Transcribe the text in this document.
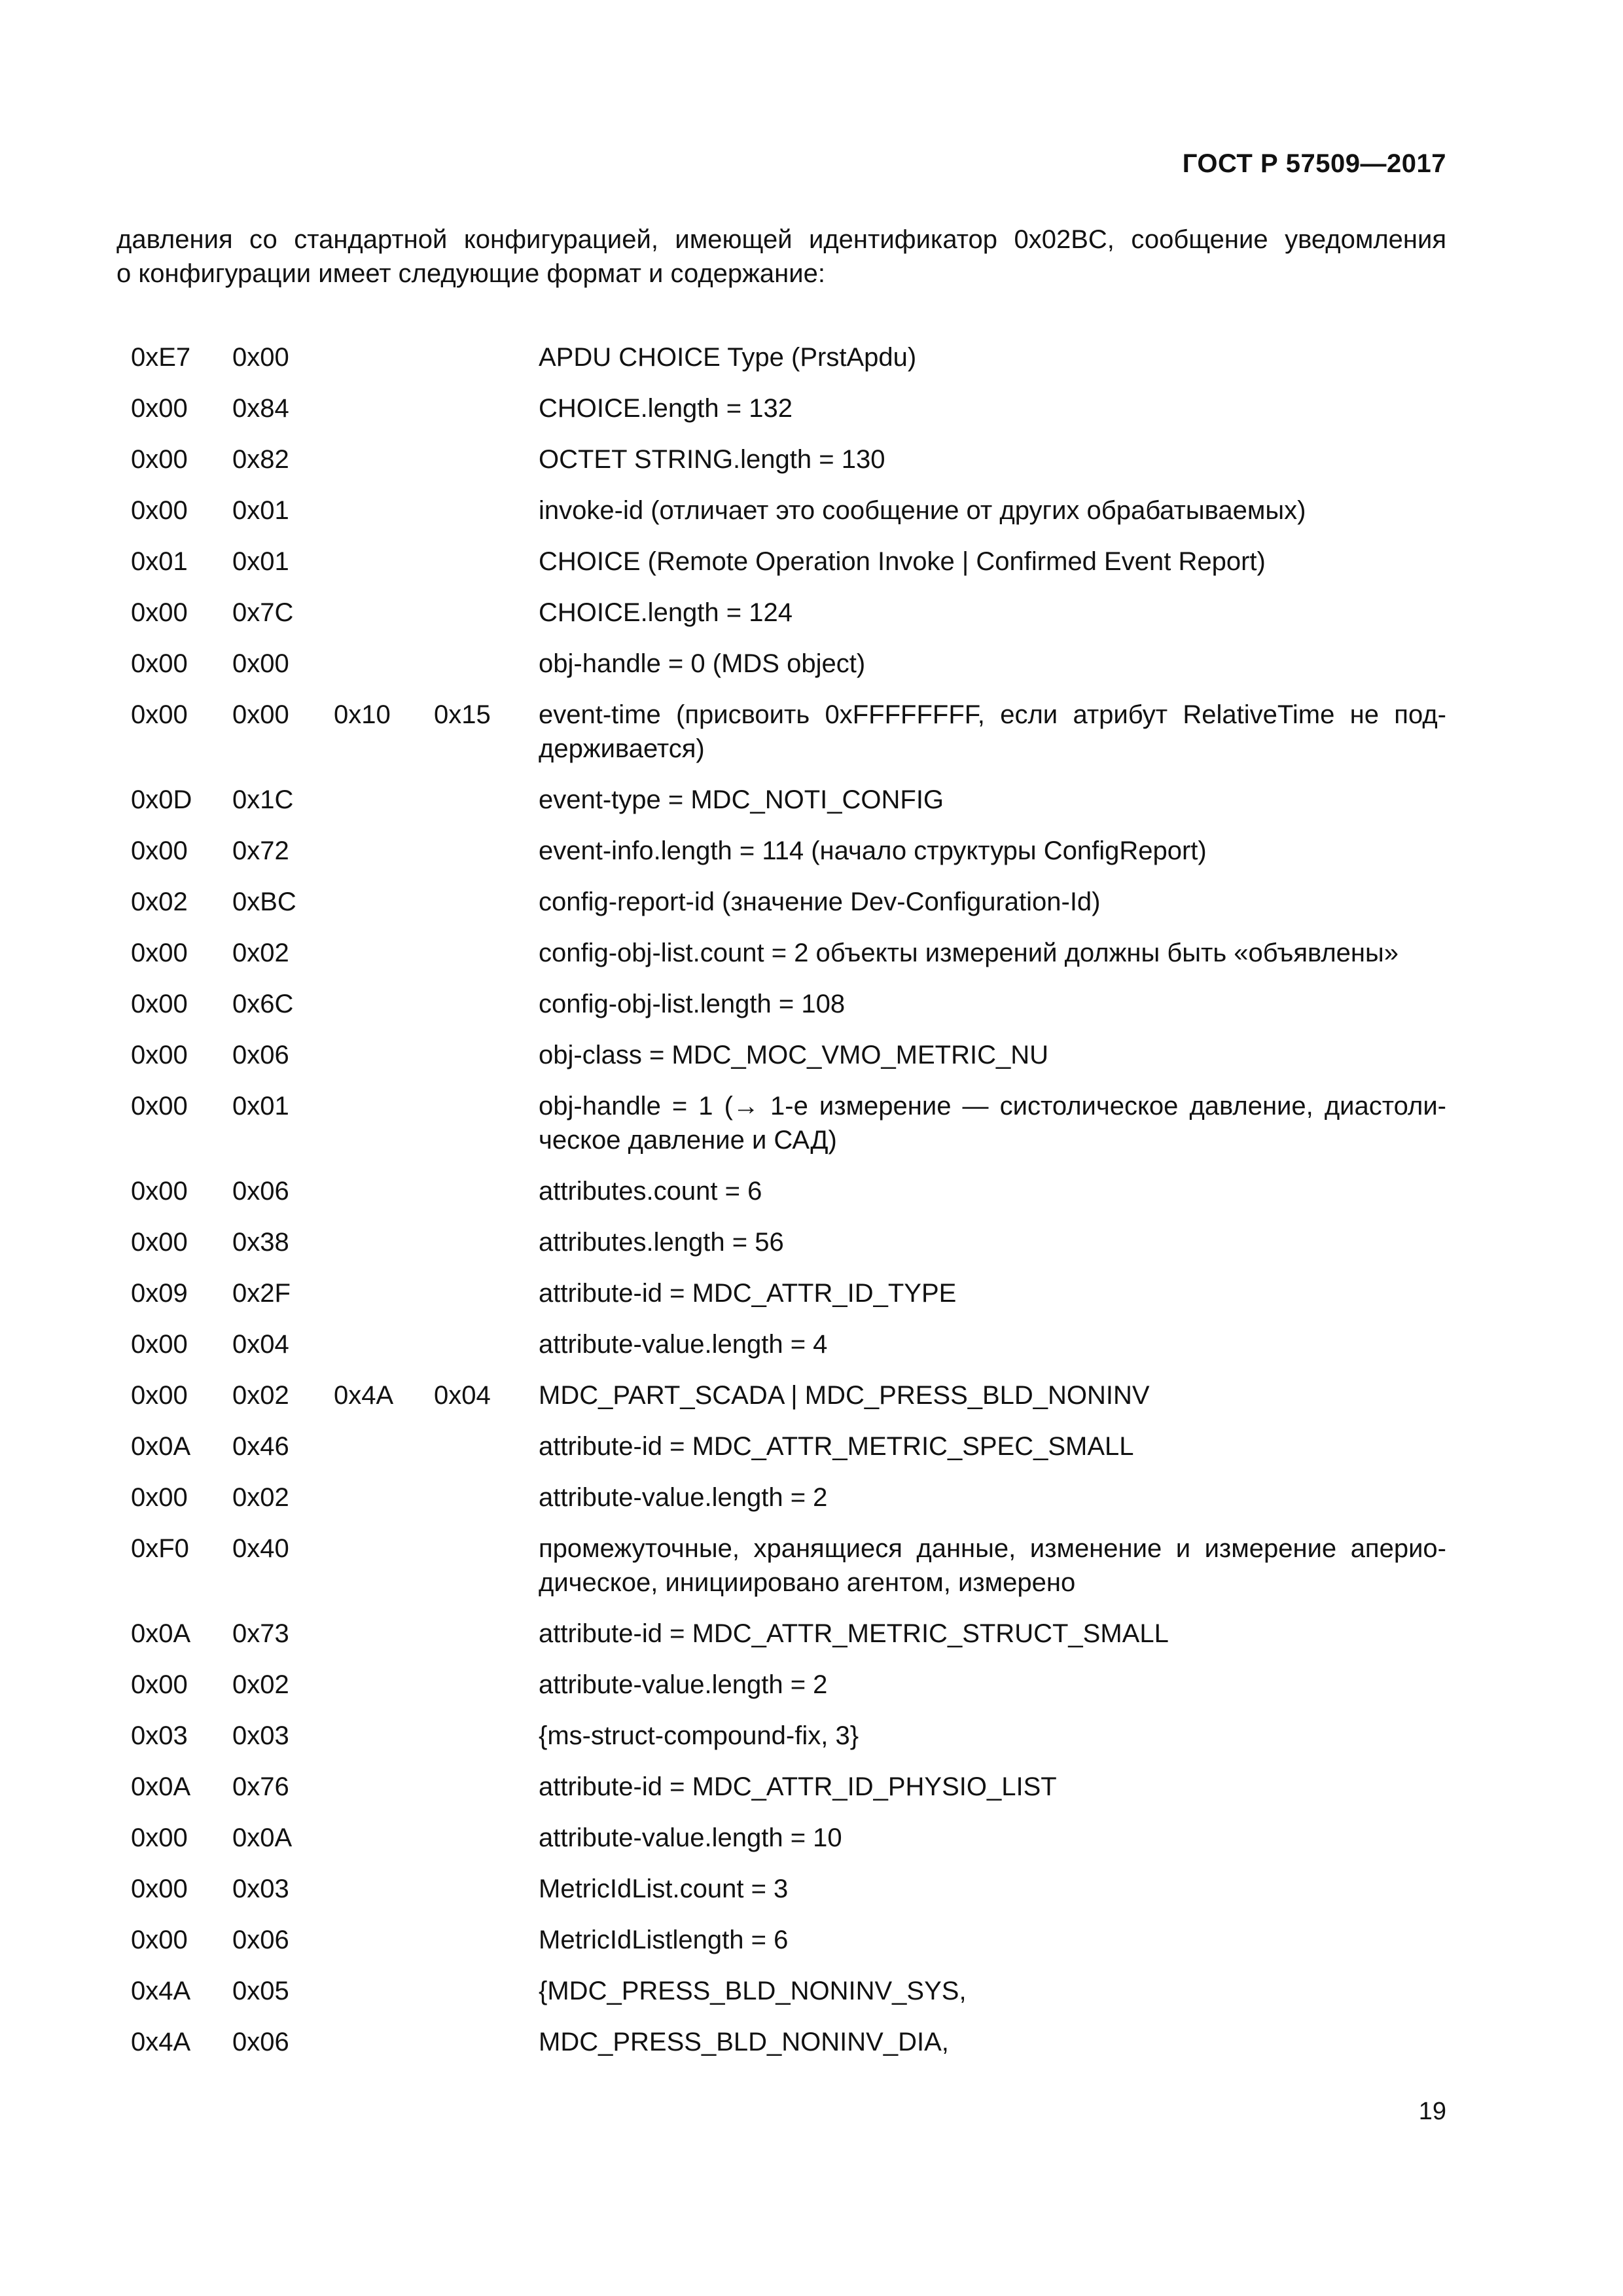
ГОСТ Р 57509—2017

давления со стандартной конфигурацией, имеющей идентификатор 0x02BC, сообщение уведомления

о конфигурации имеет следующие формат и содержание:

0xE7	0x00	APDU CHOICE Type (PrstApdu)
0x00	0x84	CHOICE.length = 132
0x00	0x82	OCTET STRING.length = 130
0x00	0x01	invoke-id (отличает это сообщение от других обрабатываемых)
0x01	0x01	CHOICE (Remote Operation Invoke | Confirmed Event Report)
0x00	0x7C	CHOICE.length = 124
0x00	0x00	obj-handle = 0 (MDS object)
0x00	0x00	0x10	0x15	event-time (присвоить 0xFFFFFFFF, если атрибут RelativeTime не под-держивается)
0x0D	0x1C	event-type = MDC_NOTI_CONFIG
0x00	0x72	event-info.length = 114 (начало структуры ConfigReport)
0x02	0xBC	config-report-id (значение Dev-Configuration-Id)
0x00	0x02	config-obj-list.count = 2 объекты измерений должны быть «объявлены»
0x00	0x6C	config-obj-list.length = 108
0x00	0x06	obj-class = MDC_MOC_VMO_METRIC_NU
0x00	0x01	obj-handle = 1 (→ 1-е измерение — систолическое давление, диастоли-ческое давление и САД)
0x00	0x06	attributes.count = 6
0x00	0x38	attributes.length = 56
0x09	0x2F	attribute-id = MDC_ATTR_ID_TYPE
0x00	0x04	attribute-value.length = 4
0x00	0x02	0x4A	0x04	MDC_PART_SCADA | MDC_PRESS_BLD_NONINV
0x0A	0x46	attribute-id = MDC_ATTR_METRIC_SPEC_SMALL
0x00	0x02	attribute-value.length = 2
0xF0	0x40	промежуточные, хранящиеся данные, изменение и измерение аперио-дическое, инициировано агентом, измерено
0x0A	0x73	attribute-id = MDC_ATTR_METRIC_STRUCT_SMALL
0x00	0x02	attribute-value.length = 2
0x03	0x03	{ms-struct-compound-fix, 3}
0x0A	0x76	attribute-id = MDC_ATTR_ID_PHYSIO_LIST
0x00	0x0A	attribute-value.length = 10
0x00	0x03	MetricIdList.count = 3
0x00	0x06	MetricIdListlength = 6
0x4A	0x05	{MDC_PRESS_BLD_NONINV_SYS,
0x4A	0x06	MDC_PRESS_BLD_NONINV_DIA,
19
